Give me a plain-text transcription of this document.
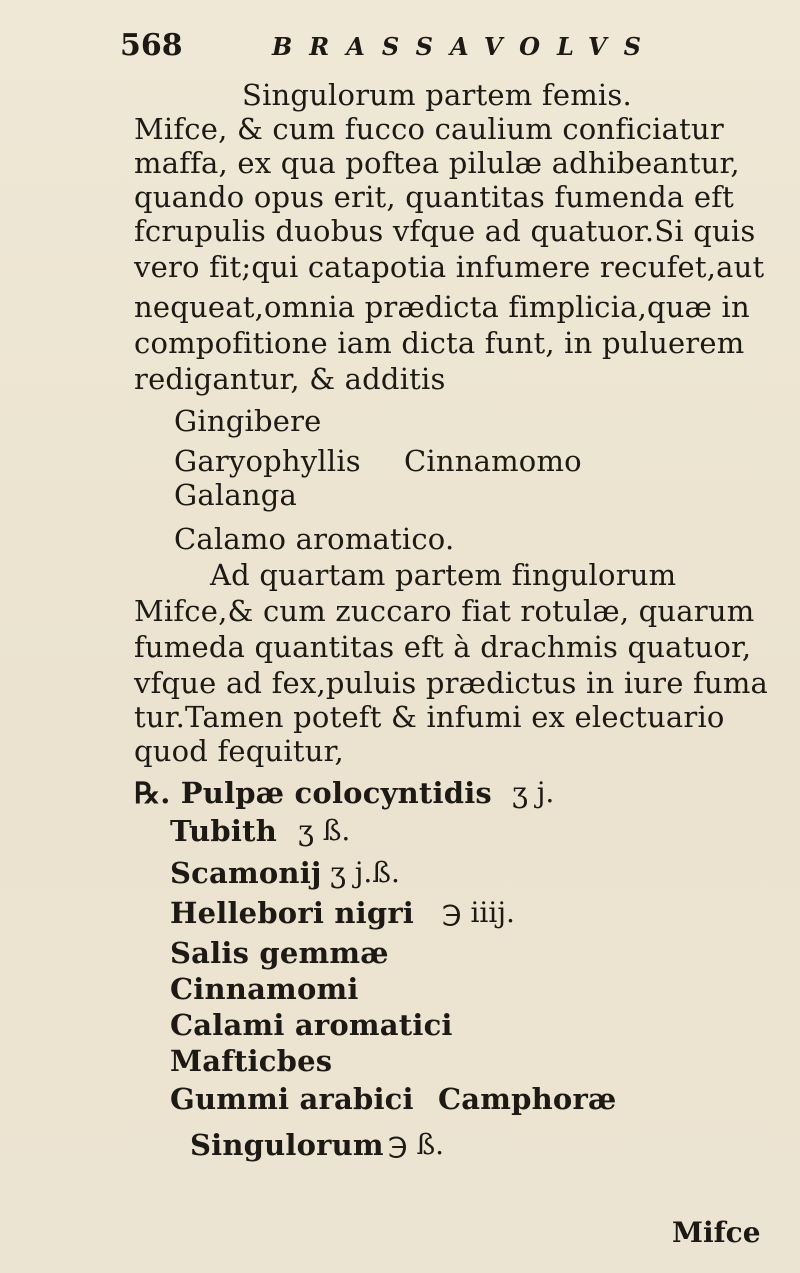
568	BRASSAVOLVS
Singulorum partem femis.
Mifce, & cum fucco caulium conficiatur
maffa, ex qua poftea pilulæ adhibeantur,
quando opus erit, quantitas fumenda eft
fcrupulis duobus vfque ad quatuor.Si quis
vero fit;qui catapotia infumere recufet,aut
nequeat,omnia prædicta fimplicia,quæ in
compofitione iam dicta funt, in puluerem
redigantur, & additis
Gingibere
Garyophyllis Cinnamomo
Galanga
Calamo aromatico.
Ad quartam partem fingulorum
Mifce,& cum zuccaro fiat rotulæ, quarum
fumeda quantitas eft à drachmis quatuor,
vfque ad fex,puluis prædictus in iure fuma
tur.Tamen poteft & infumi ex electuario
quod fequitur,
℞. Pulpæ colocyntidis ʒ j.
Tubith ʒ ß.
Scamonij ʒ j.ß.
Hellebori nigri ℈ iiij.
Salis gemmæ
Cinnamomi
Calami aromatici
Mafticbes
Gummi arabici Camphoræ
Singulorum ℈ ß.
Mifce
